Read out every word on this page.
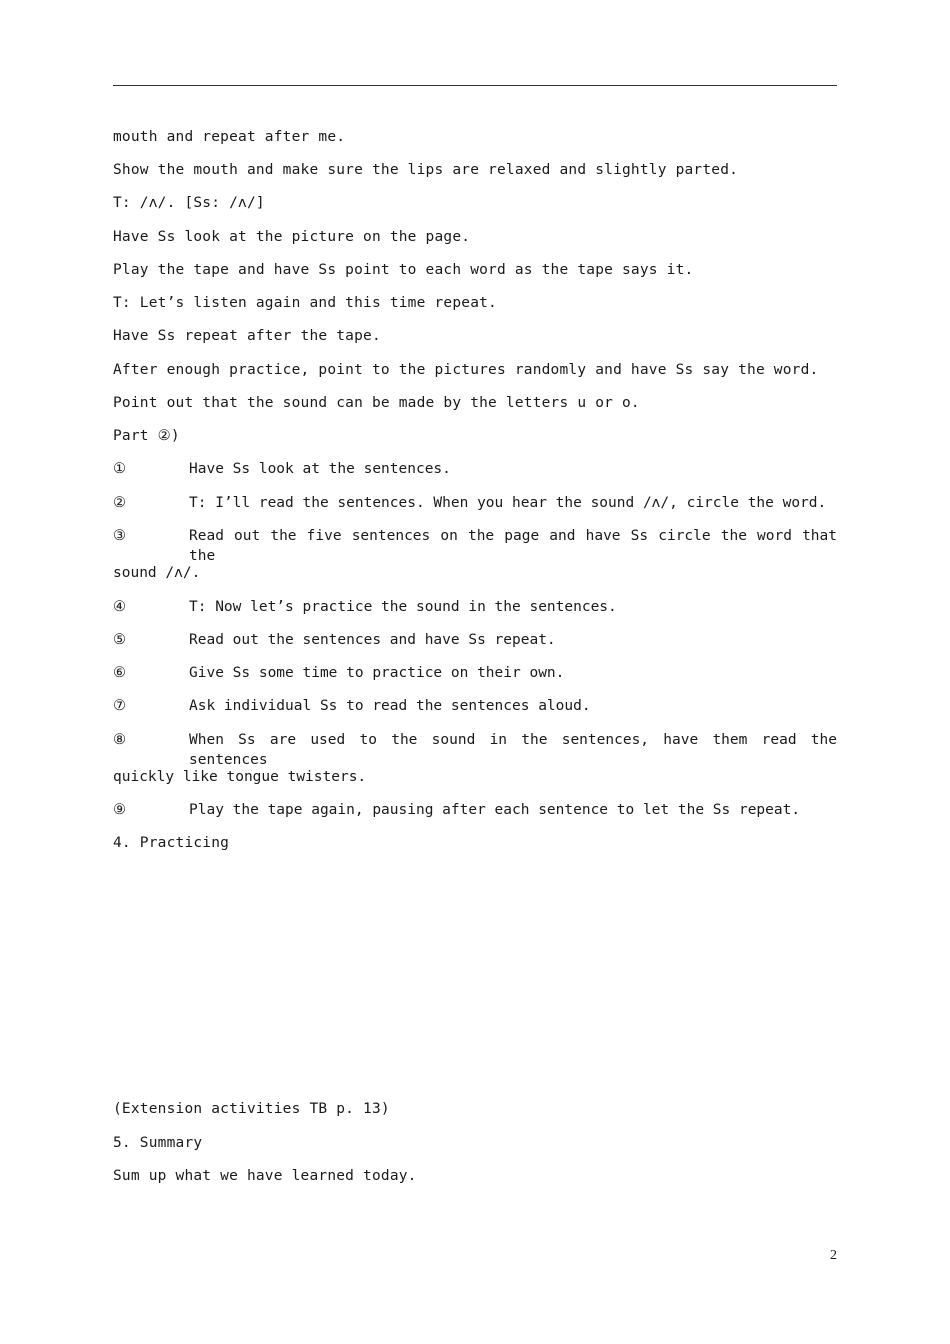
mouth and repeat after me.
Show the mouth and make sure the lips are relaxed and slightly parted.
T: /ʌ/. [Ss: /ʌ/]
Have Ss look at the picture on the page.
Play the tape and have Ss point to each word as the tape says it.
T: Let’s listen again and this time repeat.
Have Ss repeat after the tape.
After enough practice, point to the pictures randomly and have Ss say the word.
Point out that the sound can be made by the letters u or o.
Part ②)
①	Have Ss look at the sentences.
②	T: I’ll read the sentences. When you hear the sound /ʌ/, circle the word.
③	Read out the five sentences on the page and have Ss circle the word that the
sound /ʌ/.
④	T: Now let’s practice the sound in the sentences.
⑤	Read out the sentences and have Ss repeat.
⑥	Give Ss some time to practice on their own.
⑦	Ask individual Ss to read the sentences aloud.
⑧	When Ss are used to the sound in the sentences, have them read the sentences
quickly like tongue twisters.
⑨	Play the tape again, pausing after each sentence to let the Ss repeat.
4. Practicing
(Extension activities TB p. 13)
5. Summary
Sum up what we have learned today.
2
